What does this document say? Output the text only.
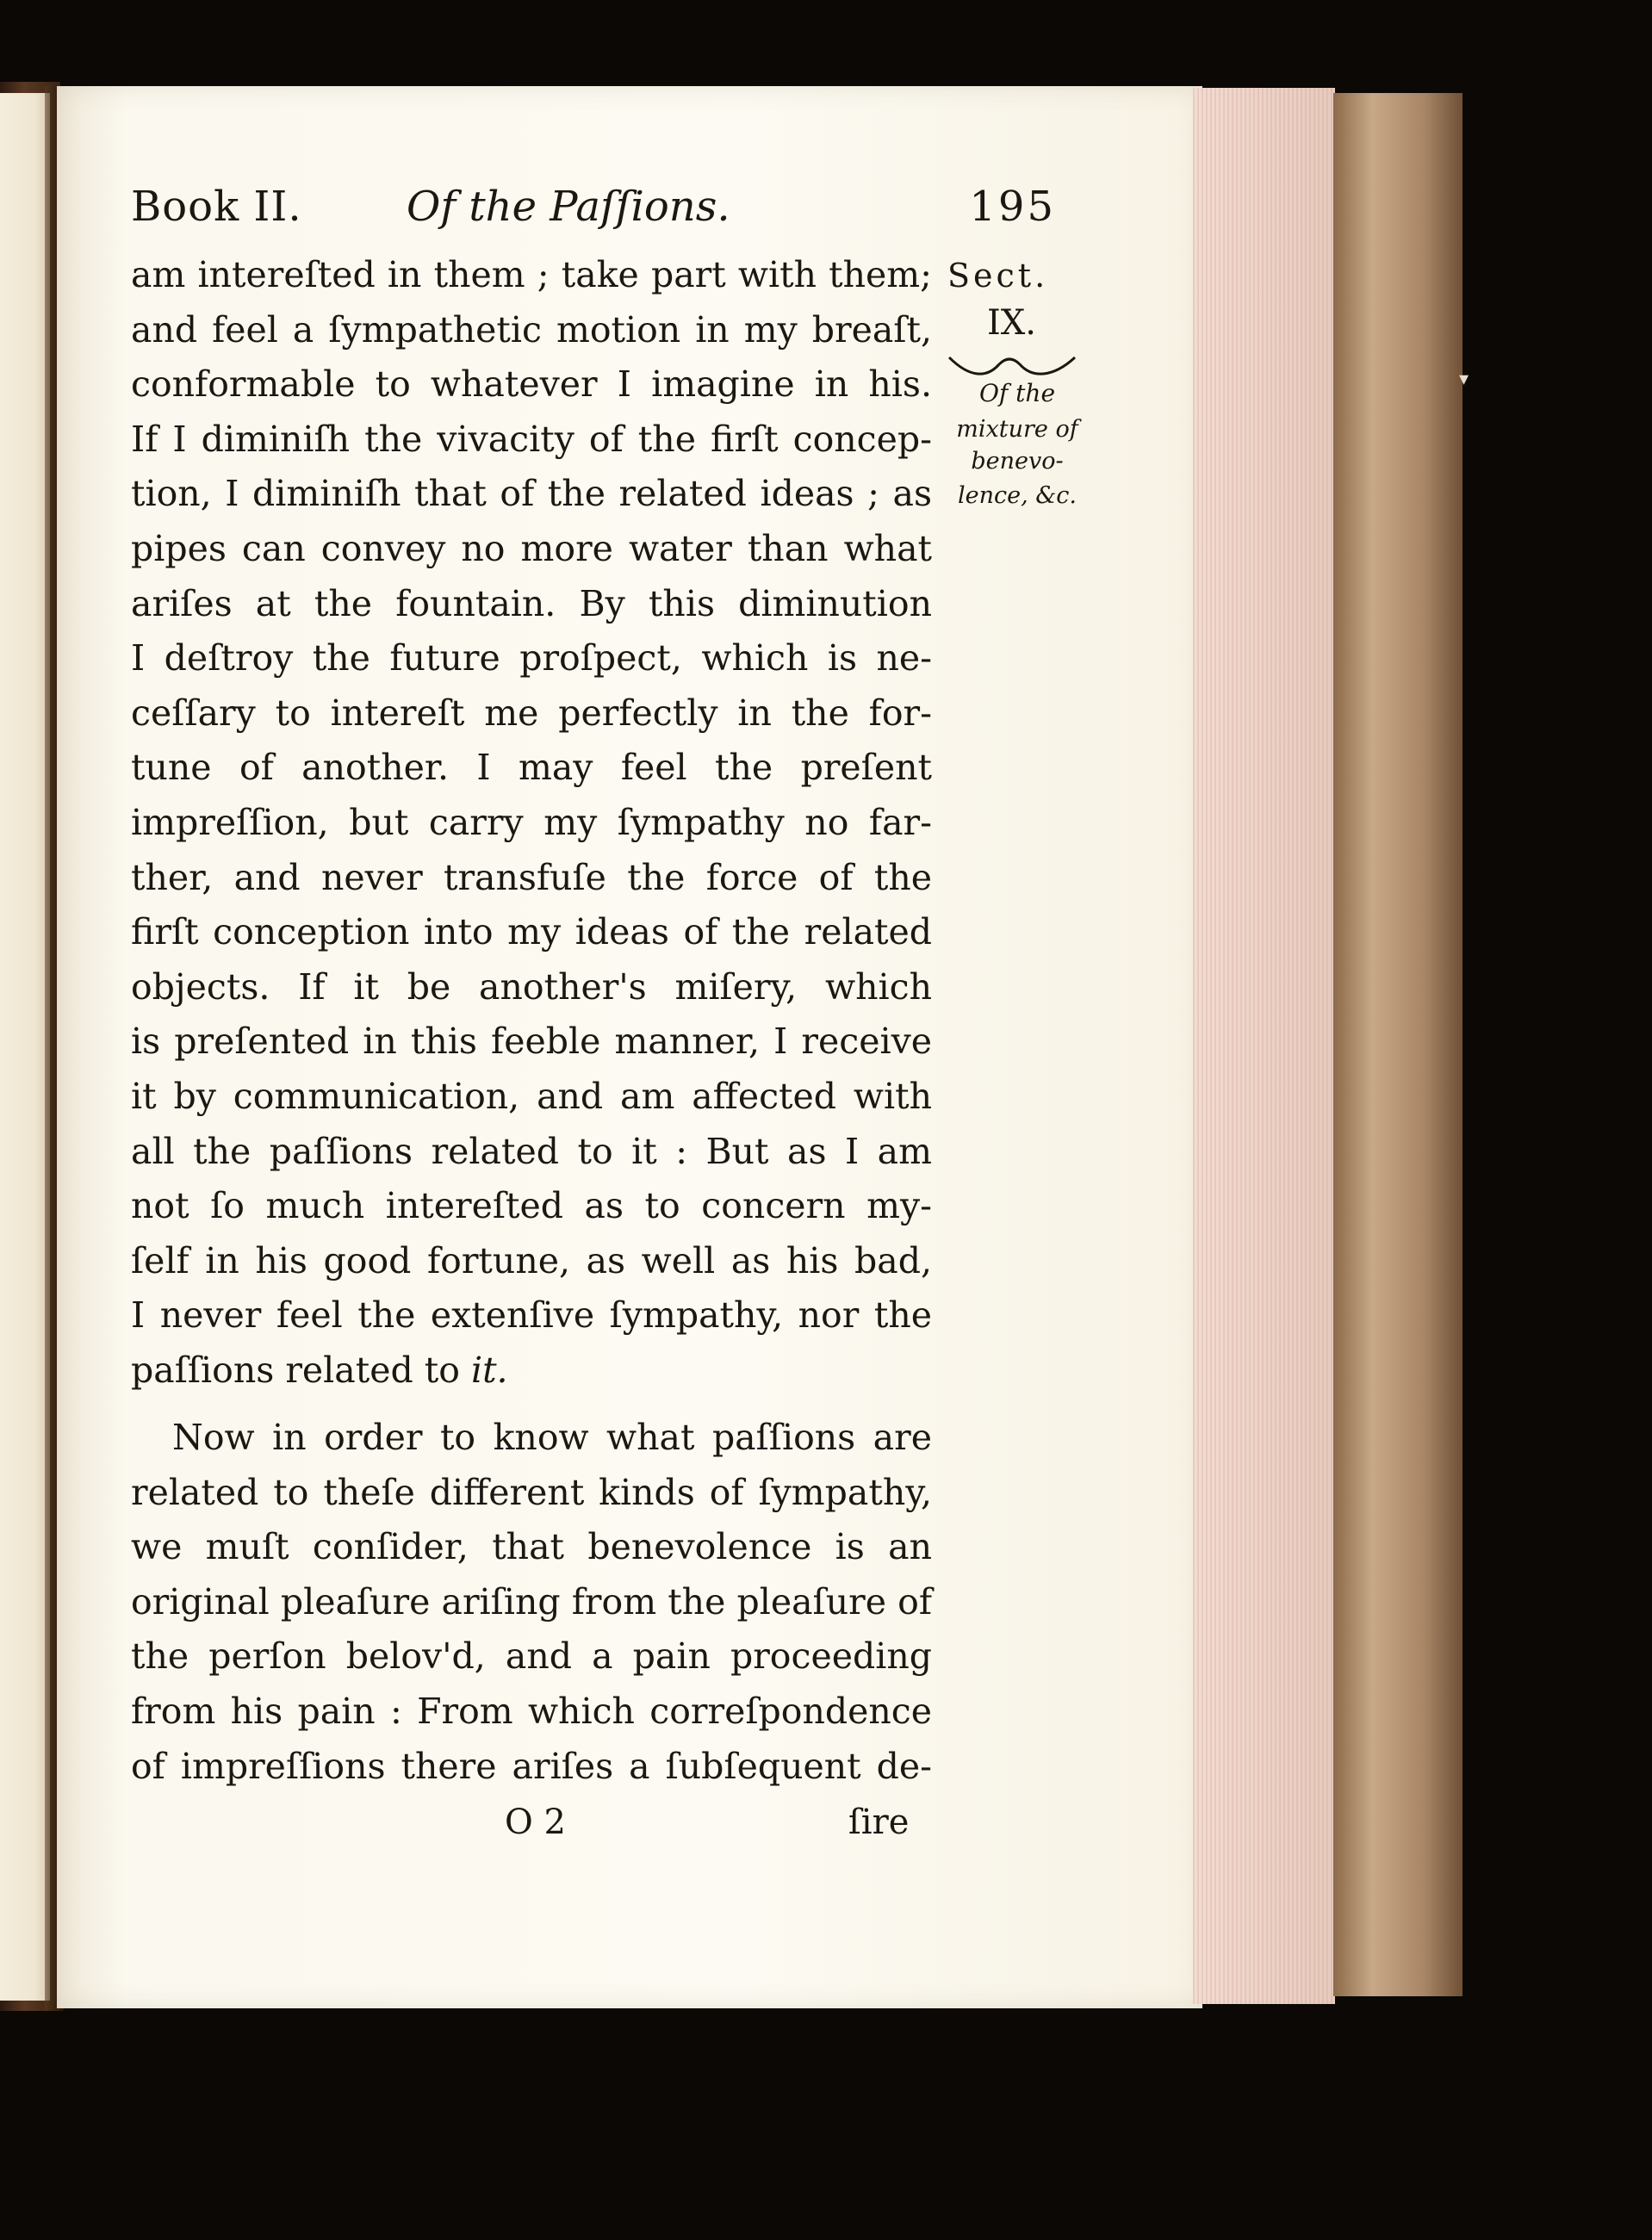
Book II.	Of the Paſſions.	195
am intereſted in them ; take part with them;
and feel a ſympathetic motion in my breaſt,
conformable to whatever I imagine in his.
If I diminiſh the vivacity of the firſt concep-
tion, I diminiſh that of the related ideas ; as
pipes can convey no more water than what
ariſes at the fountain. By this diminution
I deſtroy the future proſpect, which is ne-
ceſſary to intereſt me perfectly in the for-
tune of another. I may feel the preſent
impreſſion, but carry my ſympathy no far-
ther, and never transfuſe the force of the
firſt conception into my ideas of the related
objects. If it be another's miſery, which
is preſented in this feeble manner, I receive
it by communication, and am affected with
all the paſſions related to it : But as I am
not ſo much intereſted as to concern my-
ſelf in his good fortune, as well as his bad,
I never feel the extenſive ſympathy, nor the
paſſions related to it.
Now in order to know what paſſions are
related to theſe different kinds of ſympathy,
we muſt conſider, that benevolence is an
original pleaſure ariſing from the pleaſure of
the perſon belov'd, and a pain proceeding
from his pain : From which correſpondence
of impreſſions there ariſes a ſubſequent de-
Sect.
IX.
Of the
mixture of
benevo-
lence, &c.
O 2	ſire
▾
